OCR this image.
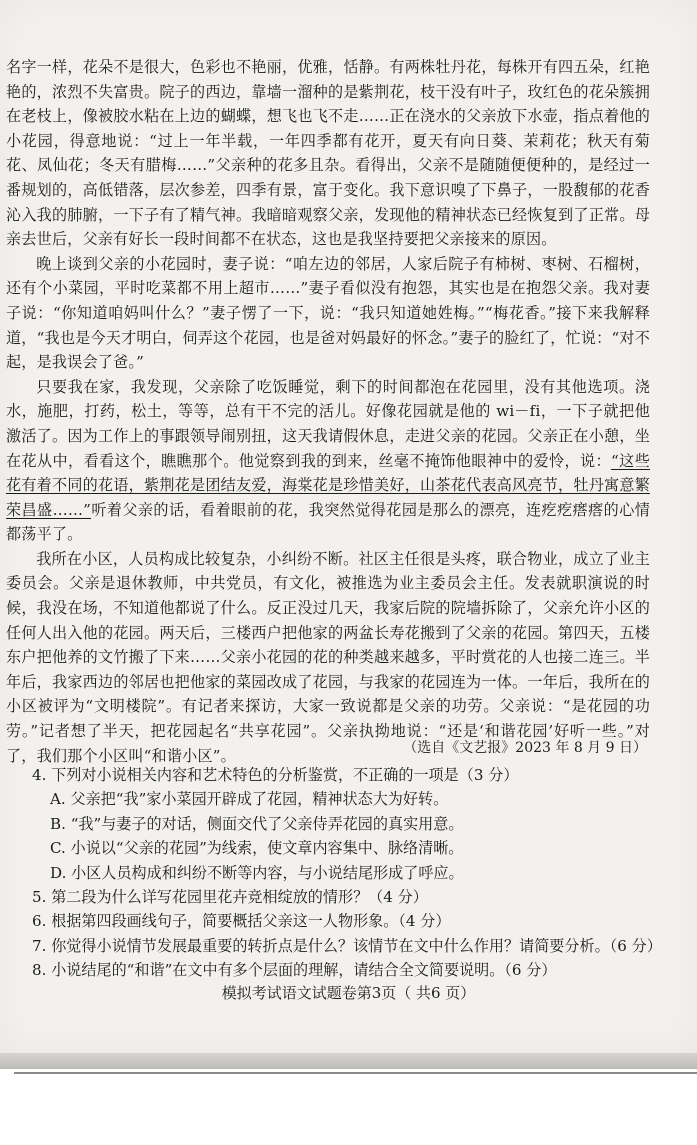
名字一样，花朵不是很大，色彩也不艳丽，优雅，恬静。有两株牡丹花，每株开有四五朵，红艳艳的，浓烈不失富贵。院子的西边，靠墙一溜种的是紫荆花，枝干没有叶子，玫红色的花朵簇拥在老枝上，像被胶水粘在上边的蝴蝶，想飞也飞不走……正在浇水的父亲放下水壶，指点着他的小花园，得意地说：“过上一年半载，一年四季都有花开，夏天有向日葵、茉莉花；秋天有菊花、凤仙花；冬天有腊梅……”父亲种的花多且杂。看得出，父亲不是随随便便种的，是经过一番规划的，高低错落，层次参差，四季有景，富于变化。我下意识嗅了下鼻子，一股馥郁的花香沁入我的肺腑，一下子有了精气神。我暗暗观察父亲，发现他的精神状态已经恢复到了正常。母亲去世后，父亲有好长一段时间都不在状态，这也是我坚持要把父亲接来的原因。

晚上谈到父亲的小花园时，妻子说：“咱左边的邻居，人家后院子有柿树、枣树、石榴树，还有个小菜园，平时吃菜都不用上超市……”妻子看似没有抱怨，其实也是在抱怨父亲。我对妻子说：“你知道咱妈叫什么？”妻子愣了一下，说：“我只知道她姓梅。”“梅花香。”接下来我解释道，“我也是今天才明白，伺弄这个花园，也是爸对妈最好的怀念。”妻子的脸红了，忙说：“对不起，是我误会了爸。”

只要我在家，我发现，父亲除了吃饭睡觉，剩下的时间都泡在花园里，没有其他选项。浇水，施肥，打药，松土，等等，总有干不完的活儿。好像花园就是他的 wi－fi，一下子就把他激活了。因为工作上的事跟领导闹别扭，这天我请假休息，走进父亲的花园。父亲正在小憩，坐在花从中，看看这个，瞧瞧那个。他觉察到我的到来，丝毫不掩饰他眼神中的爱怜，说：“这些花有着不同的花语，紫荆花是团结友爱，海棠花是珍惜美好，山茶花代表高风亮节，牡丹寓意繁荣昌盛……”听着父亲的话，看着眼前的花，我突然觉得花园是那么的漂亮，连疙疙瘩瘩的心情都荡平了。

我所在小区，人员构成比较复杂，小纠纷不断。社区主任很是头疼，联合物业，成立了业主委员会。父亲是退休教师，中共党员，有文化，被推选为业主委员会主任。发表就职演说的时候，我没在场，不知道他都说了什么。反正没过几天，我家后院的院墙拆除了，父亲允许小区的任何人出入他的花园。两天后，三楼西户把他家的两盆长寿花搬到了父亲的花园。第四天，五楼东户把他养的文竹搬了下来……父亲小花园的花的种类越来越多，平时赏花的人也接二连三。半年后，我家西边的邻居也把他家的菜园改成了花园，与我家的花园连为一体。一年后，我所在的小区被评为“文明楼院”。有记者来探访，大家一致说都是父亲的功劳。父亲说：“是花园的功劳。”记者想了半天，把花园起名“共享花园”。父亲执拗地说：“还是‘和谐花园’好听一些。”对了，我们那个小区叫“和谐小区”。	（选自《文艺报》2023 年 8 月 9 日）

4. 下列对小说相关内容和艺术特色的分析鉴赏，不正确的一项是（3 分）

A. 父亲把“我”家小菜园开辟成了花园，精神状态大为好转。

B. “我”与妻子的对话，侧面交代了父亲侍弄花园的真实用意。

C. 小说以“父亲的花园”为线索，使文章内容集中、脉络清晰。

D. 小区人员构成和纠纷不断等内容，与小说结尾形成了呼应。

5. 第二段为什么详写花园里花卉竞相绽放的情形？（4 分）

6. 根据第四段画线句子，简要概括父亲这一人物形象。（4 分）

7. 你觉得小说情节发展最重要的转折点是什么？该情节在文中什么作用？请简要分析。（6 分）

8. 小说结尾的“和谐”在文中有多个层面的理解，请结合全文简要说明。（6 分）

模拟考试语文试题卷第3页（ 共6 页）
